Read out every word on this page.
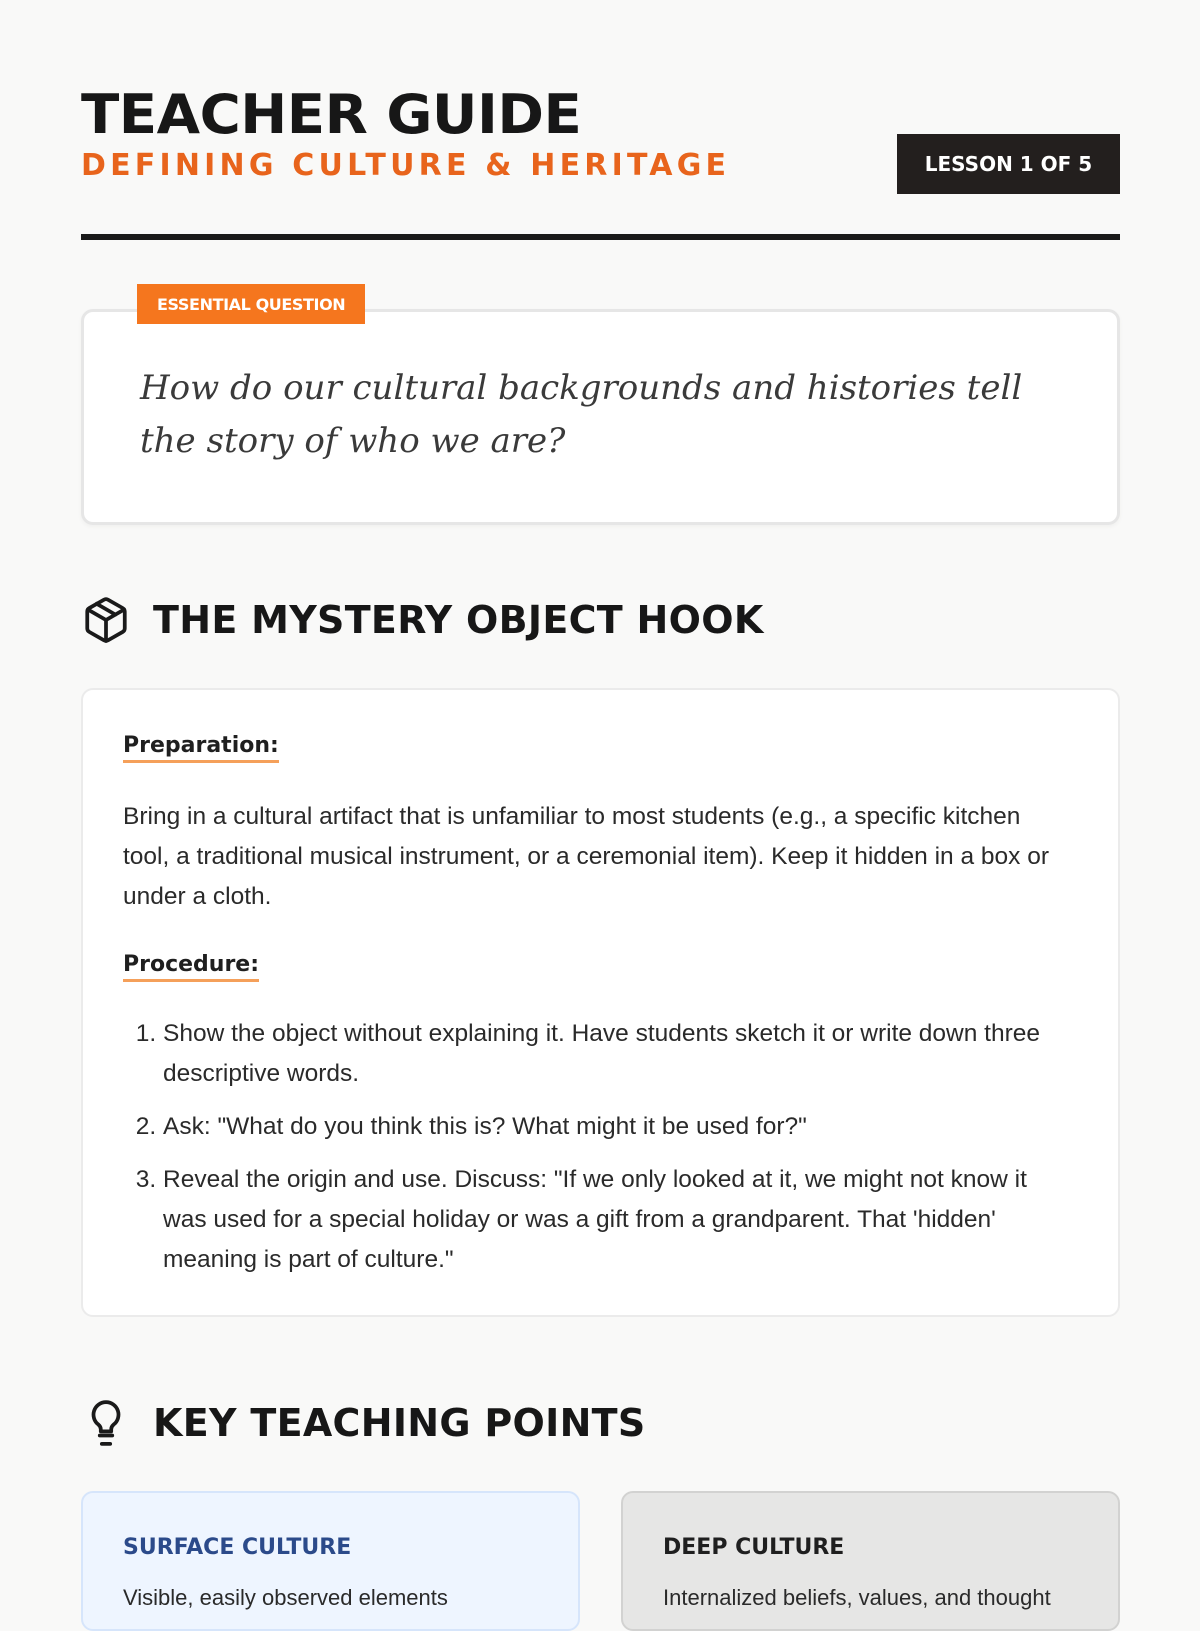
TEACHER GUIDE
DEFINING CULTURE & HERITAGE	LESSON 1 OF 5
ESSENTIAL QUESTION

How do our cultural backgrounds and histories tell the story of who we are?

THE MYSTERY OBJECT HOOK
Preparation:

Bring in a cultural artifact that is unfamiliar to most students (e.g., a specific kitchen tool, a traditional musical instrument, or a ceremonial item). Keep it hidden in a box or under a cloth.

Procedure:
1. Show the object without explaining it. Have students sketch it or write down three descriptive words.
2. Ask: "What do you think this is? What might it be used for?"
3. Reveal the origin and use. Discuss: "If we only looked at it, we might not know it was used for a special holiday or was a gift from a grandparent. That 'hidden' meaning is part of culture."
KEY TEACHING POINTS
SURFACE CULTURE
Visible, easily observed elements
DEEP CULTURE
Internalized beliefs, values, and thought
